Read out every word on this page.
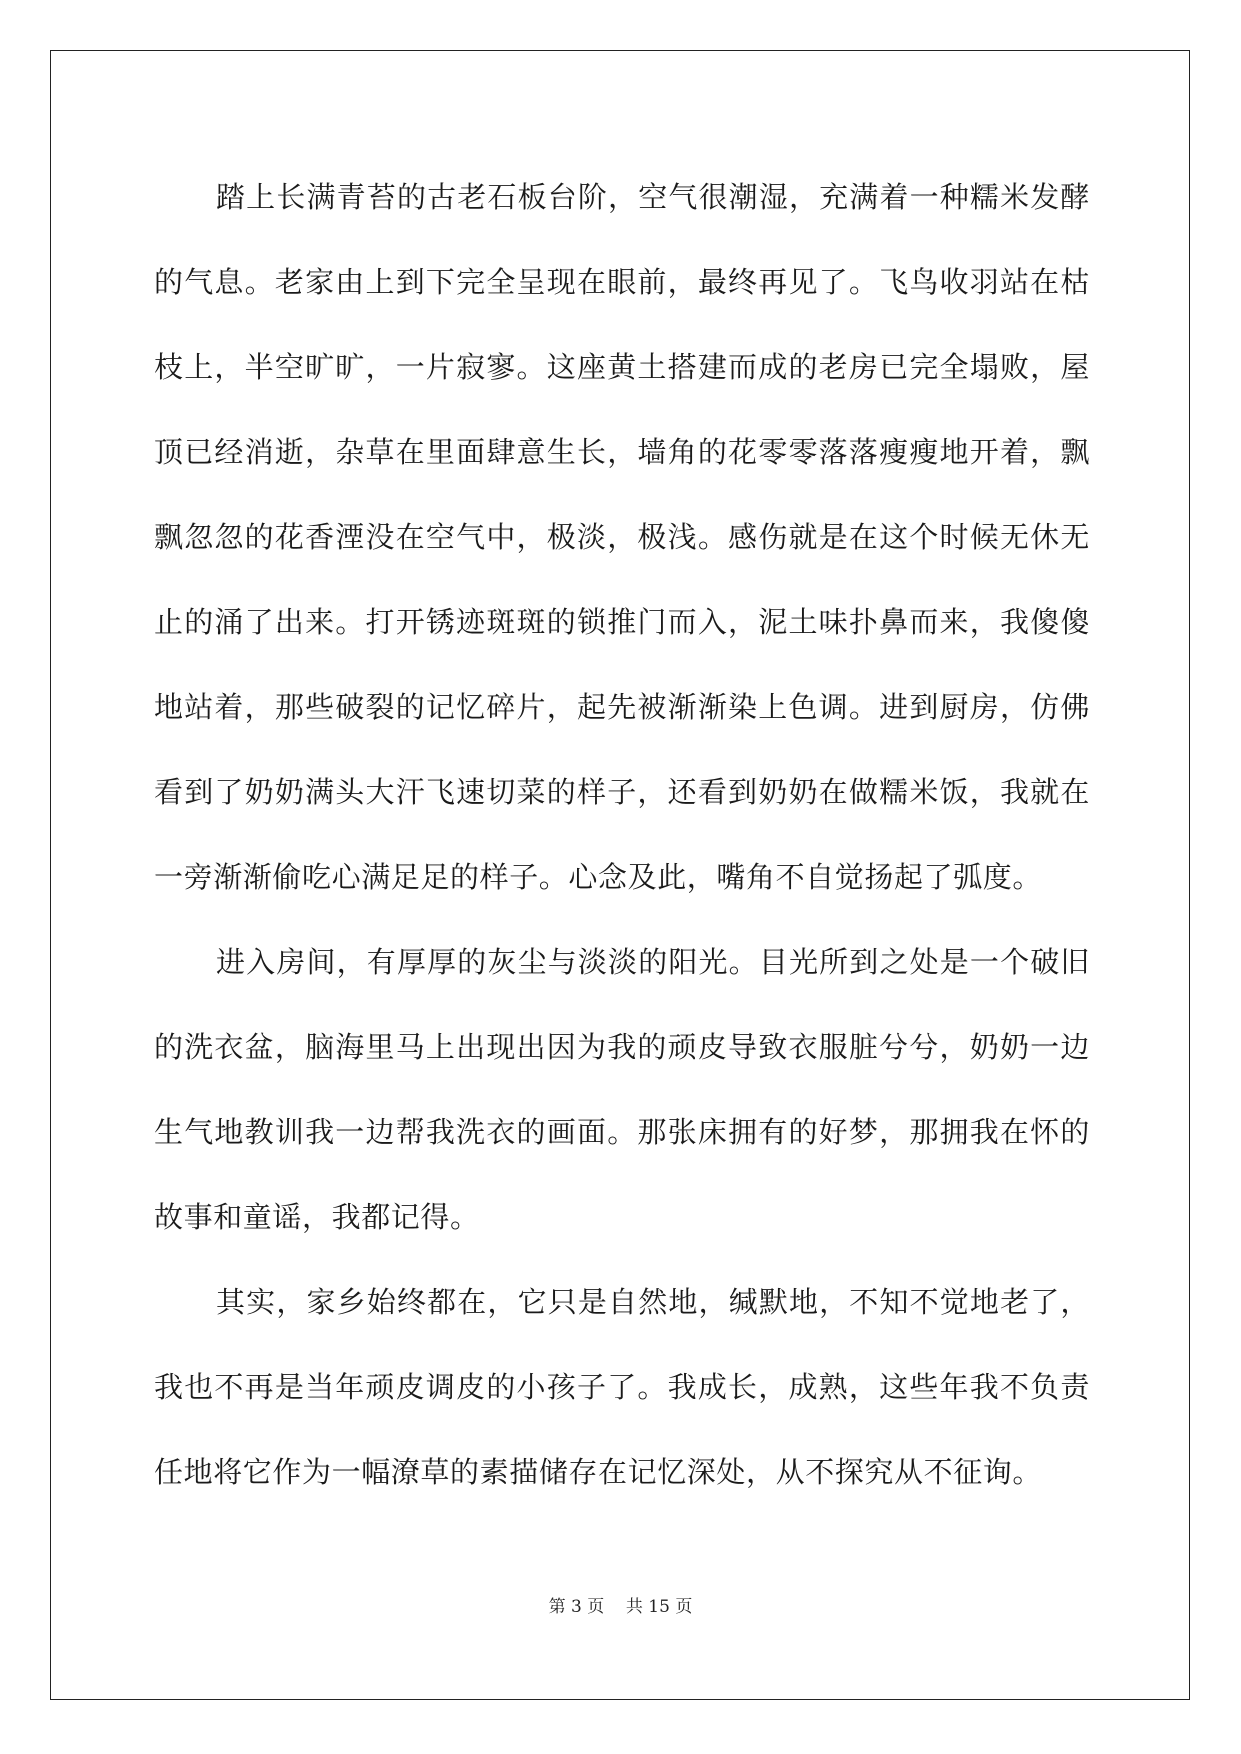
踏上长满青苔的古老石板台阶，空气很潮湿，充满着一种糯米发酵的气息。老家由上到下完全呈现在眼前，最终再见了。飞鸟收羽站在枯枝上，半空旷旷，一片寂寥。这座黄土搭建而成的老房已完全塌败，屋顶已经消逝，杂草在里面肆意生长，墙角的花零零落落瘦瘦地开着，飘飘忽忽的花香湮没在空气中，极淡，极浅。感伤就是在这个时候无休无止的涌了出来。打开锈迹斑斑的锁推门而入，泥土味扑鼻而来，我傻傻地站着，那些破裂的记忆碎片，起先被渐渐染上色调。进到厨房，仿佛看到了奶奶满头大汗飞速切菜的样子，还看到奶奶在做糯米饭，我就在一旁渐渐偷吃心满足足的样子。心念及此，嘴角不自觉扬起了弧度。

进入房间，有厚厚的灰尘与淡淡的阳光。目光所到之处是一个破旧的洗衣盆，脑海里马上出现出因为我的顽皮导致衣服脏兮兮，奶奶一边生气地教训我一边帮我洗衣的画面。那张床拥有的好梦，那拥我在怀的故事和童谣，我都记得。

其实，家乡始终都在，它只是自然地，缄默地，不知不觉地老了，我也不再是当年顽皮调皮的小孩子了。我成长，成熟，这些年我不负责任地将它作为一幅潦草的素描储存在记忆深处，从不探究从不征询。

第 3 页 共 15 页
